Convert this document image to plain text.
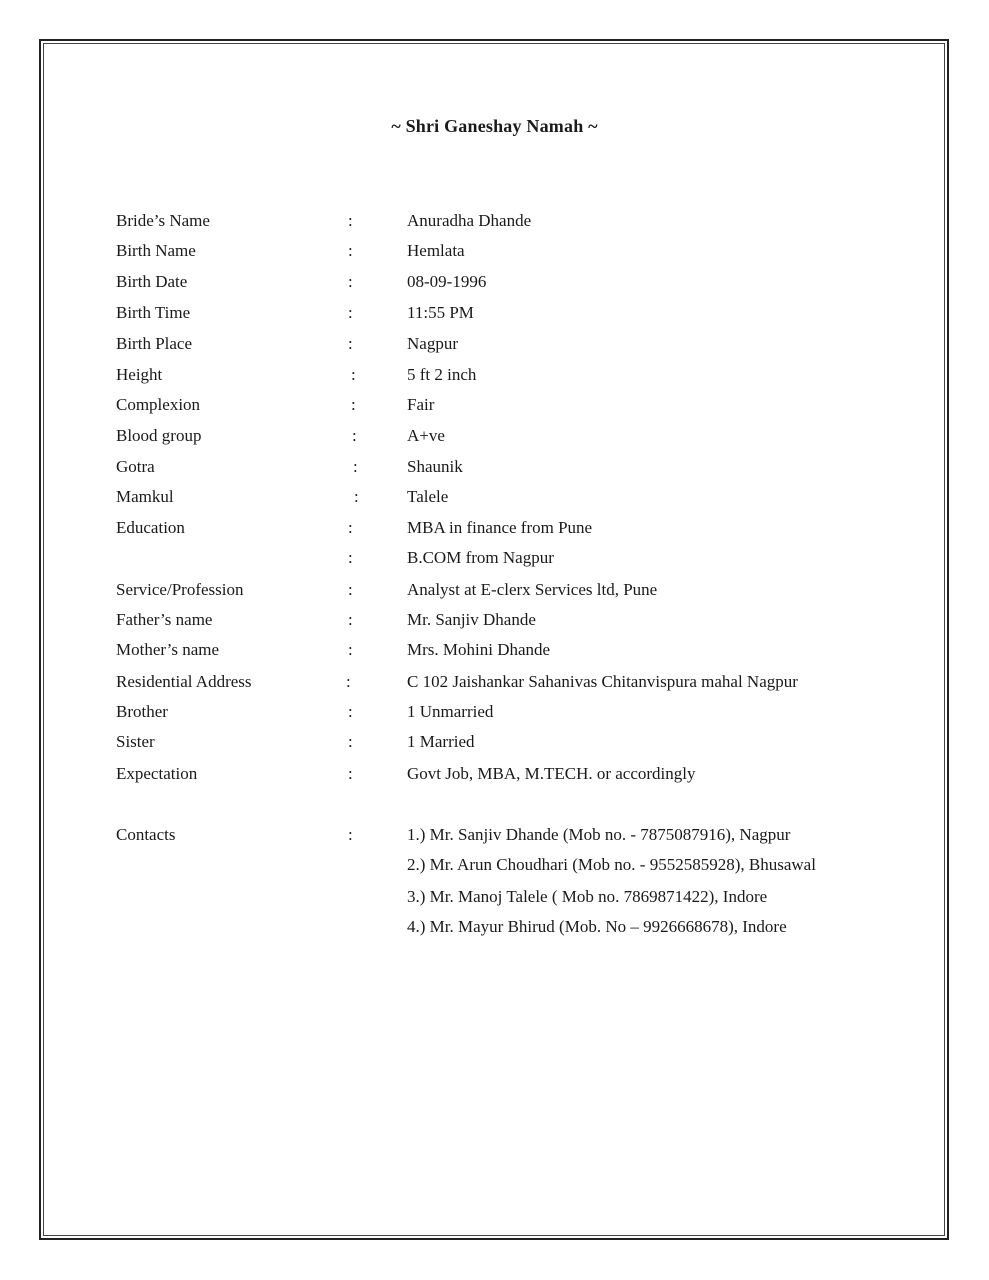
~ Shri Ganeshay Namah ~
Bride’s Name	:	Anuradha Dhande
Birth Name	:	Hemlata
Birth Date	:	08-09-1996
Birth Time	:	11:55 PM
Birth Place	:	Nagpur
Height	:	5 ft 2 inch
Complexion	:	Fair
Blood group	:	A+ve
Gotra	:	Shaunik
Mamkul	:	Talele
Education	:	MBA in finance from Pune
:	B.COM from Nagpur
Service/Profession	:	Analyst at E-clerx Services ltd, Pune
Father’s name	:	Mr. Sanjiv Dhande
Mother’s name	:	Mrs. Mohini Dhande
Residential Address	:	C 102 Jaishankar Sahanivas Chitanvispura mahal Nagpur
Brother	:	1 Unmarried
Sister	:	1 Married
Expectation	:	Govt Job, MBA, M.TECH. or accordingly
Contacts	:	1.) Mr. Sanjiv Dhande (Mob no. - 7875087916), Nagpur
2.) Mr. Arun Choudhari (Mob no. - 9552585928), Bhusawal
3.) Mr. Manoj Talele ( Mob no. 7869871422), Indore
4.) Mr. Mayur Bhirud (Mob. No – 9926668678), Indore
